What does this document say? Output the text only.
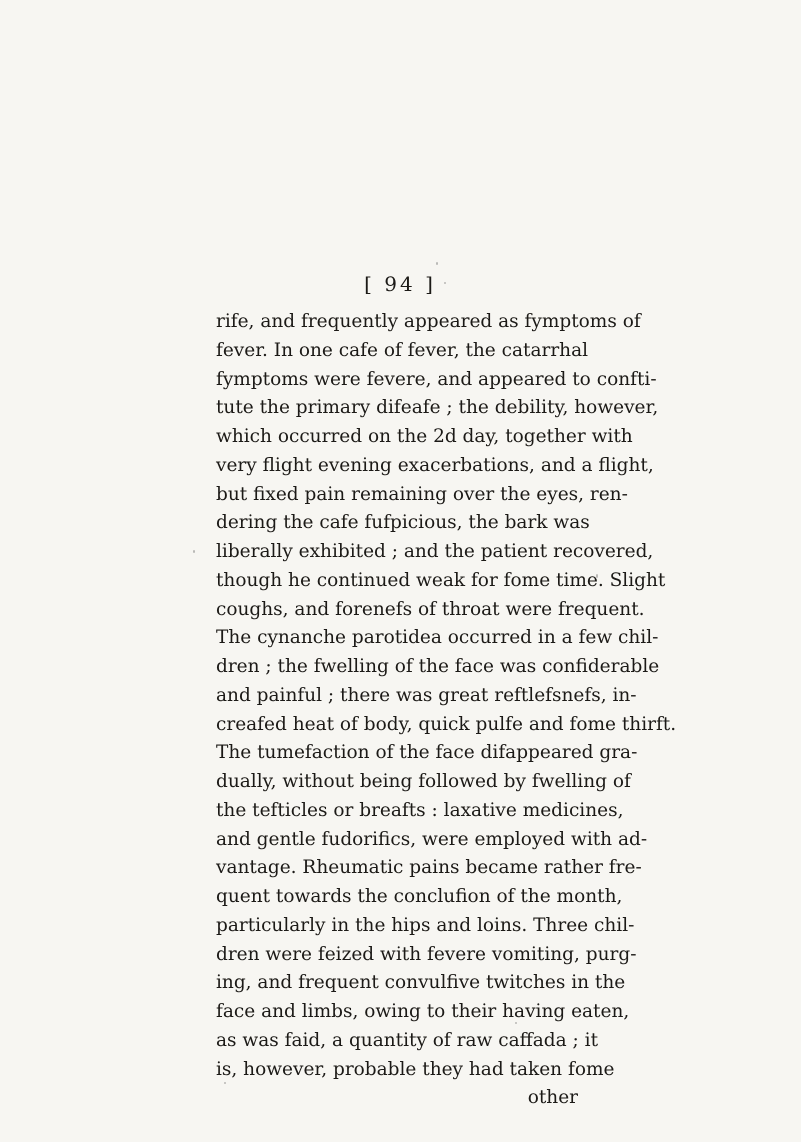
[ 94 ]
rife, and frequently appeared as fymptoms of
fever. In one cafe of fever, the catarrhal
fymptoms were fevere, and appeared to confti-
tute the primary difeafe ; the debility, however,
which occurred on the 2d day, together with
very flight evening exacerbations, and a flight,
but fixed pain remaining over the eyes, ren-
dering the cafe fufpicious, the bark was
liberally exhibited ; and the patient recovered,
though he continued weak for fome time. Slight
coughs, and forenefs of throat were frequent.
The cynanche parotidea occurred in a few chil-
dren ; the fwelling of the face was confiderable
and painful ; there was great reftlefsnefs, in-
creafed heat of body, quick pulfe and fome thirft.
The tumefaction of the face difappeared gra-
dually, without being followed by fwelling of
the tefticles or breafts : laxative medicines,
and gentle fudorifics, were employed with ad-
vantage. Rheumatic pains became rather fre-
quent towards the conclufion of the month,
particularly in the hips and loins. Three chil-
dren were feized with fevere vomiting, purg-
ing, and frequent convulfive twitches in the
face and limbs, owing to their having eaten,
as was faid, a quantity of raw caffada ; it
is, however, probable they had taken fome
other
